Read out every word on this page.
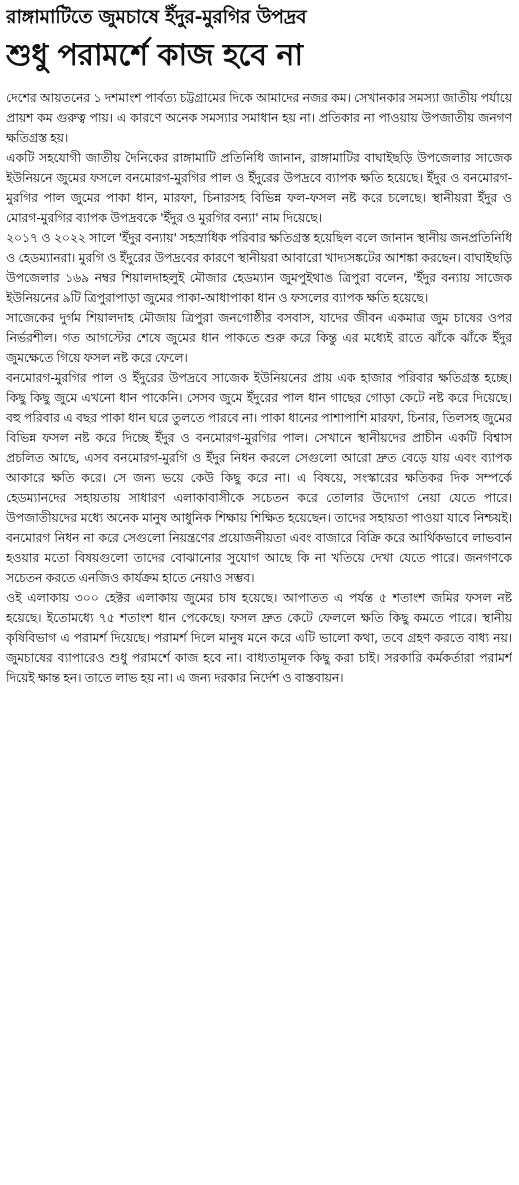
রাঙ্গামাটিতে জুমচাষে ইঁদুর-মুরগির উপদ্রব
শুধু পরামর্শে কাজ হবে না

দেশের আয়তনের ১ দশমাংশ পার্বত্য চট্টগ্রামের দিকে আমাদের নজর কম। সেখানকার সমস্যা জাতীয় পর্যায়ে প্রায়শ কম গুরুত্ব পায়। এ কারণে অনেক সমস্যার সমাধান হয় না। প্রতিকার না পাওয়ায় উপজাতীয় জনগণ ক্ষতিগ্রস্ত হয়।

একটি সহযোগী জাতীয় দৈনিকের রাঙ্গামাটি প্রতিনিধি জানান, রাঙ্গামাটির বাঘাইছড়ি উপজেলার সাজেক ইউনিয়নে জুমের ফসলে বনমোরগ-মুরগির পাল ও ইঁদুরের উপদ্রবে ব্যাপক ক্ষতি হয়েছে। ইঁদুর ও বনমোরগ-মুরগির পাল জুমের পাকা ধান, মারফা, চিনারসহ বিভিন্ন ফল-ফসল নষ্ট করে চলেছে। স্থানীয়রা ইঁদুর ও মোরগ-মুরগির ব্যাপক উপদ্রবকে 'ইঁদুর ও মুরগির বন্যা' নাম দিয়েছে।

২০১৭ ও ২০২২ সালে 'ইঁদুর বন্যায়' সহস্রাধিক পরিবার ক্ষতিগ্রস্ত হয়েছিল বলে জানান স্থানীয় জনপ্রতিনিধি ও হেডম্যানরা। মুরগি ও ইঁদুরের উপদ্রবের কারণে স্থানীয়রা আবারো খাদ্যসঙ্কটের আশঙ্কা করছেন। বাঘাইছড়ি উপজেলার ১৬৯ নম্বর শিয়ালদাহলুই মৌজার হেডম্যান জুমপুইথাঙ ত্রিপুরা বলেন, 'ইঁদুর বন্যায় সাজেক ইউনিয়নের ৯টি ত্রিপুরাপাড়া জুমের পাকা-আধাপাকা ধান ও ফসলের ব্যাপক ক্ষতি হয়েছে।

সাজেকের দুর্গম শিয়ালদাহ মৌজায় ত্রিপুরা জনগোষ্ঠীর বসবাস, যাদের জীবন একমাত্র জুম চাষের ওপর নির্ভরশীল। গত আগস্টের শেষে জুমের ধান পাকতে শুরু করে কিন্তু এর মধ্যেই রাতে ঝাঁকে ঝাঁকে ইঁদুর জুমক্ষেতে গিয়ে ফসল নষ্ট করে ফেলে।

বনমোরগ-মুরগির পাল ও ইঁদুরের উপদ্রবে সাজেক ইউনিয়নের প্রায় এক হাজার পরিবার ক্ষতিগ্রস্ত হচ্ছে। কিছু কিছু জুমে এখনো ধান পাকেনি। সেসব জুমে ইঁদুরের পাল ধান গাছের গোড়া কেটে নষ্ট করে দিয়েছে। বহু পরিবার এ বছর পাকা ধান ঘরে তুলতে পারবে না। পাকা ধানের পাশাপাশি মারফা, চিনার, তিলসহ জুমের বিভিন্ন ফসল নষ্ট করে দিচ্ছে ইঁদুর ও বনমোরগ-মুরগির পাল। সেখানে স্থানীয়দের প্রাচীন একটি বিশ্বাস প্রচলিত আছে, এসব বনমোরগ-মুরগি ও ইঁদুর নিধন করলে সেগুলো আরো দ্রুত বেড়ে যায় এবং ব্যাপক আকারে ক্ষতি করে। সে জন্য ভয়ে কেউ কিছু করে না। এ বিষয়ে, সংস্কারের ক্ষতিকর দিক সম্পর্কে হেডম্যানদের সহায়তায় সাধারণ এলাকাবাসীকে সচেতন করে তোলার উদ্যোগ নেয়া যেতে পারে। উপজাতীয়দের মধ্যে অনেক মানুষ আধুনিক শিক্ষায় শিক্ষিত হয়েছেন। তাদের সহায়তা পাওয়া যাবে নিশ্চয়ই। বনমোরগ নিধন না করে সেগুলো নিয়ন্ত্রণের প্রয়োজনীয়তা এবং বাজারে বিক্রি করে আর্থিকভাবে লাভবান হওয়ার মতো বিষয়গুলো তাদের বোঝানোর সুযোগ আছে কি না খতিয়ে দেখা যেতে পারে। জনগণকে সচেতন করতে এনজিও কার্যক্রম হাতে নেয়াও সম্ভব।

ওই এলাকায় ৩০০ হেক্টর এলাকায় জুমের চাষ হয়েছে। আপাতত এ পর্যন্ত ৫ শতাংশ জমির ফসল নষ্ট হয়েছে। ইতোমধ্যে ৭৫ শতাংশ ধান পেকেছে। ফসল দ্রুত কেটে ফেললে ক্ষতি কিছু কমতে পারে। স্থানীয় কৃষিবিভাগ এ পরামর্শ দিয়েছে। পরামর্শ দিলে মানুষ মনে করে এটি ভালো কথা, তবে গ্রহণ করতে বাধ্য নয়। জুমচাষের ব্যাপারেও শুধু পরামর্শে কাজ হবে না। বাধ্যতামূলক কিছু করা চাই। সরকারি কর্মকর্তারা পরামর্শ দিয়েই ক্ষান্ত হন। তাতে লাভ হয় না। এ জন্য দরকার নির্দেশ ও বাস্তবায়ন।
